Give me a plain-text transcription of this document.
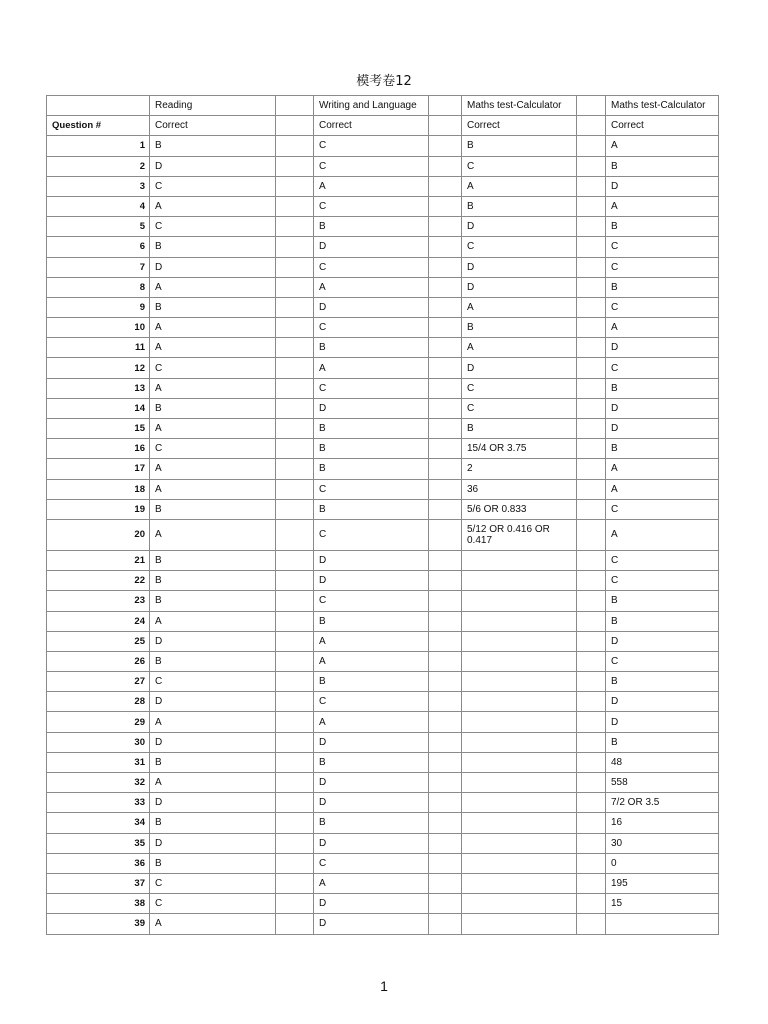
模考卷12
	Reading		Writing and Language		Maths test-Calculator		Maths test-Calculator
Question #	Correct		Correct		Correct		Correct
1	B		C		B		A
2	D		C		C		B
3	C		A		A		D
4	A		C		B		A
5	C		B		D		B
6	B		D		C		C
7	D		C		D		C
8	A		A		D		B
9	B		D		A		C
10	A		C		B		A
11	A		B		A		D
12	C		A		D		C
13	A		C		C		B
14	B		D		C		D
15	A		B		B		D
16	C		B		15/4 OR 3.75		B
17	A		B		2		A
18	A		C		36		A
19	B		B		5/6 OR 0.833		C
20	A		C		5/12 OR 0.416 OR 0.417		A
21	B		D				C
22	B		D				C
23	B		C				B
24	A		B				B
25	D		A				D
26	B		A				C
27	C		B				B
28	D		C				D
29	A		A				D
30	D		D				B
31	B		B				48
32	A		D				558
33	D		D				7/2 OR 3.5
34	B		B				16
35	D		D				30
36	B		C				0
37	C		A				195
38	C		D				15
39	A		D				
1
